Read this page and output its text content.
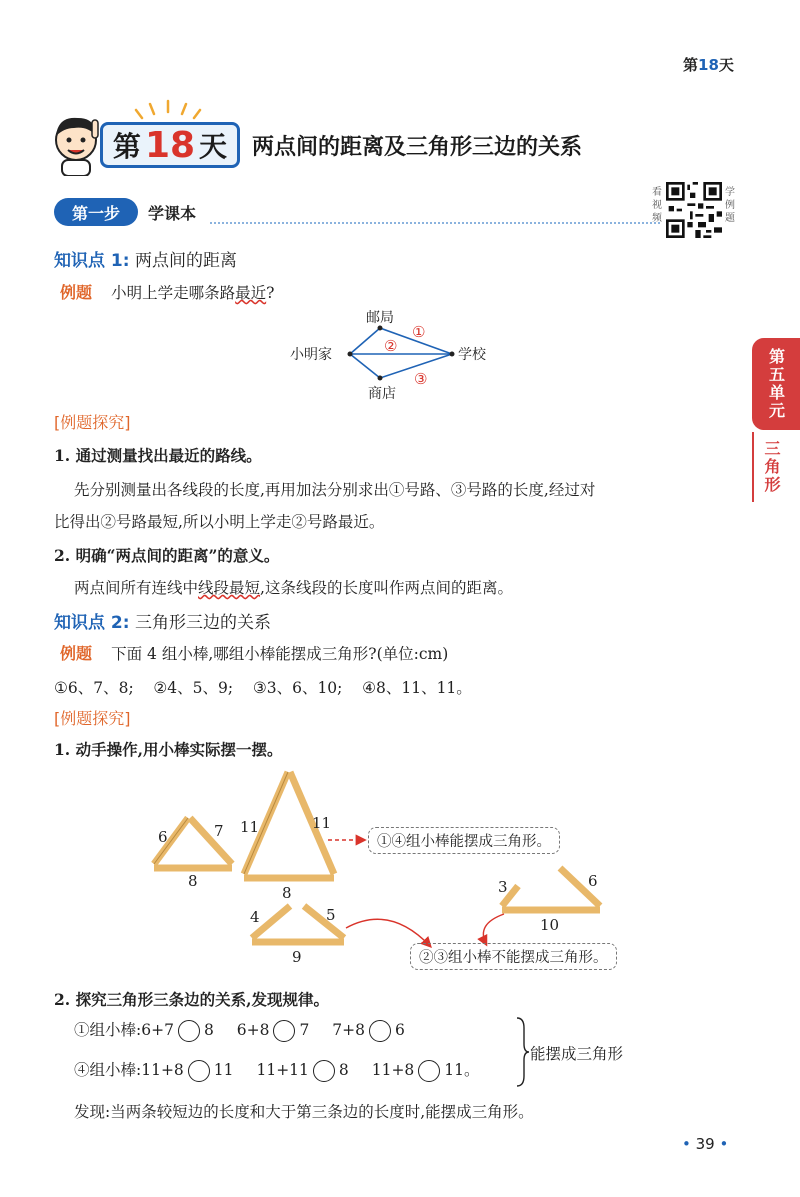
第18天
第 18 天 两点间的距离及三角形三边的关系
第一步	学课本
看视频
学例题
第五单元
三角形
知识点 1: 两点间的距离
例题 小明上学走哪条路最近?
小明家	学校
邮局
商店
①
②
③
[例题探究]
1. 通过测量找出最近的路线。
先分别测量出各线段的长度,再用加法分别求出①号路、③号路的长度,经过对
比得出②号路最短,所以小明上学走②号路最近。
2. 明确“两点间的距离”的意义。
两点间所有连线中线段最短,这条线段的长度叫作两点间的距离。
知识点 2: 三角形三边的关系
例题 下面 4 组小棒,哪组小棒能摆成三角形?(单位:cm)
①6、7、8;    ②4、5、9;    ③3、6、10;    ④8、11、11。
[例题探究]
1. 动手操作,用小棒实际摆一摆。
6	7
8
11	11
8
4	5
9
3	6
10
①④组小棒能摆成三角形。
②③组小棒不能摆成三角形。
2. 探究三角形三条边的关系,发现规律。
①组小棒:6+7 8 6+8 7 7+8 6
④组小棒:11+8 11 11+11 8 11+8 11。
能摆成三角形
发现:当两条较短边的长度和大于第三条边的长度时,能摆成三角形。
• 39 •
